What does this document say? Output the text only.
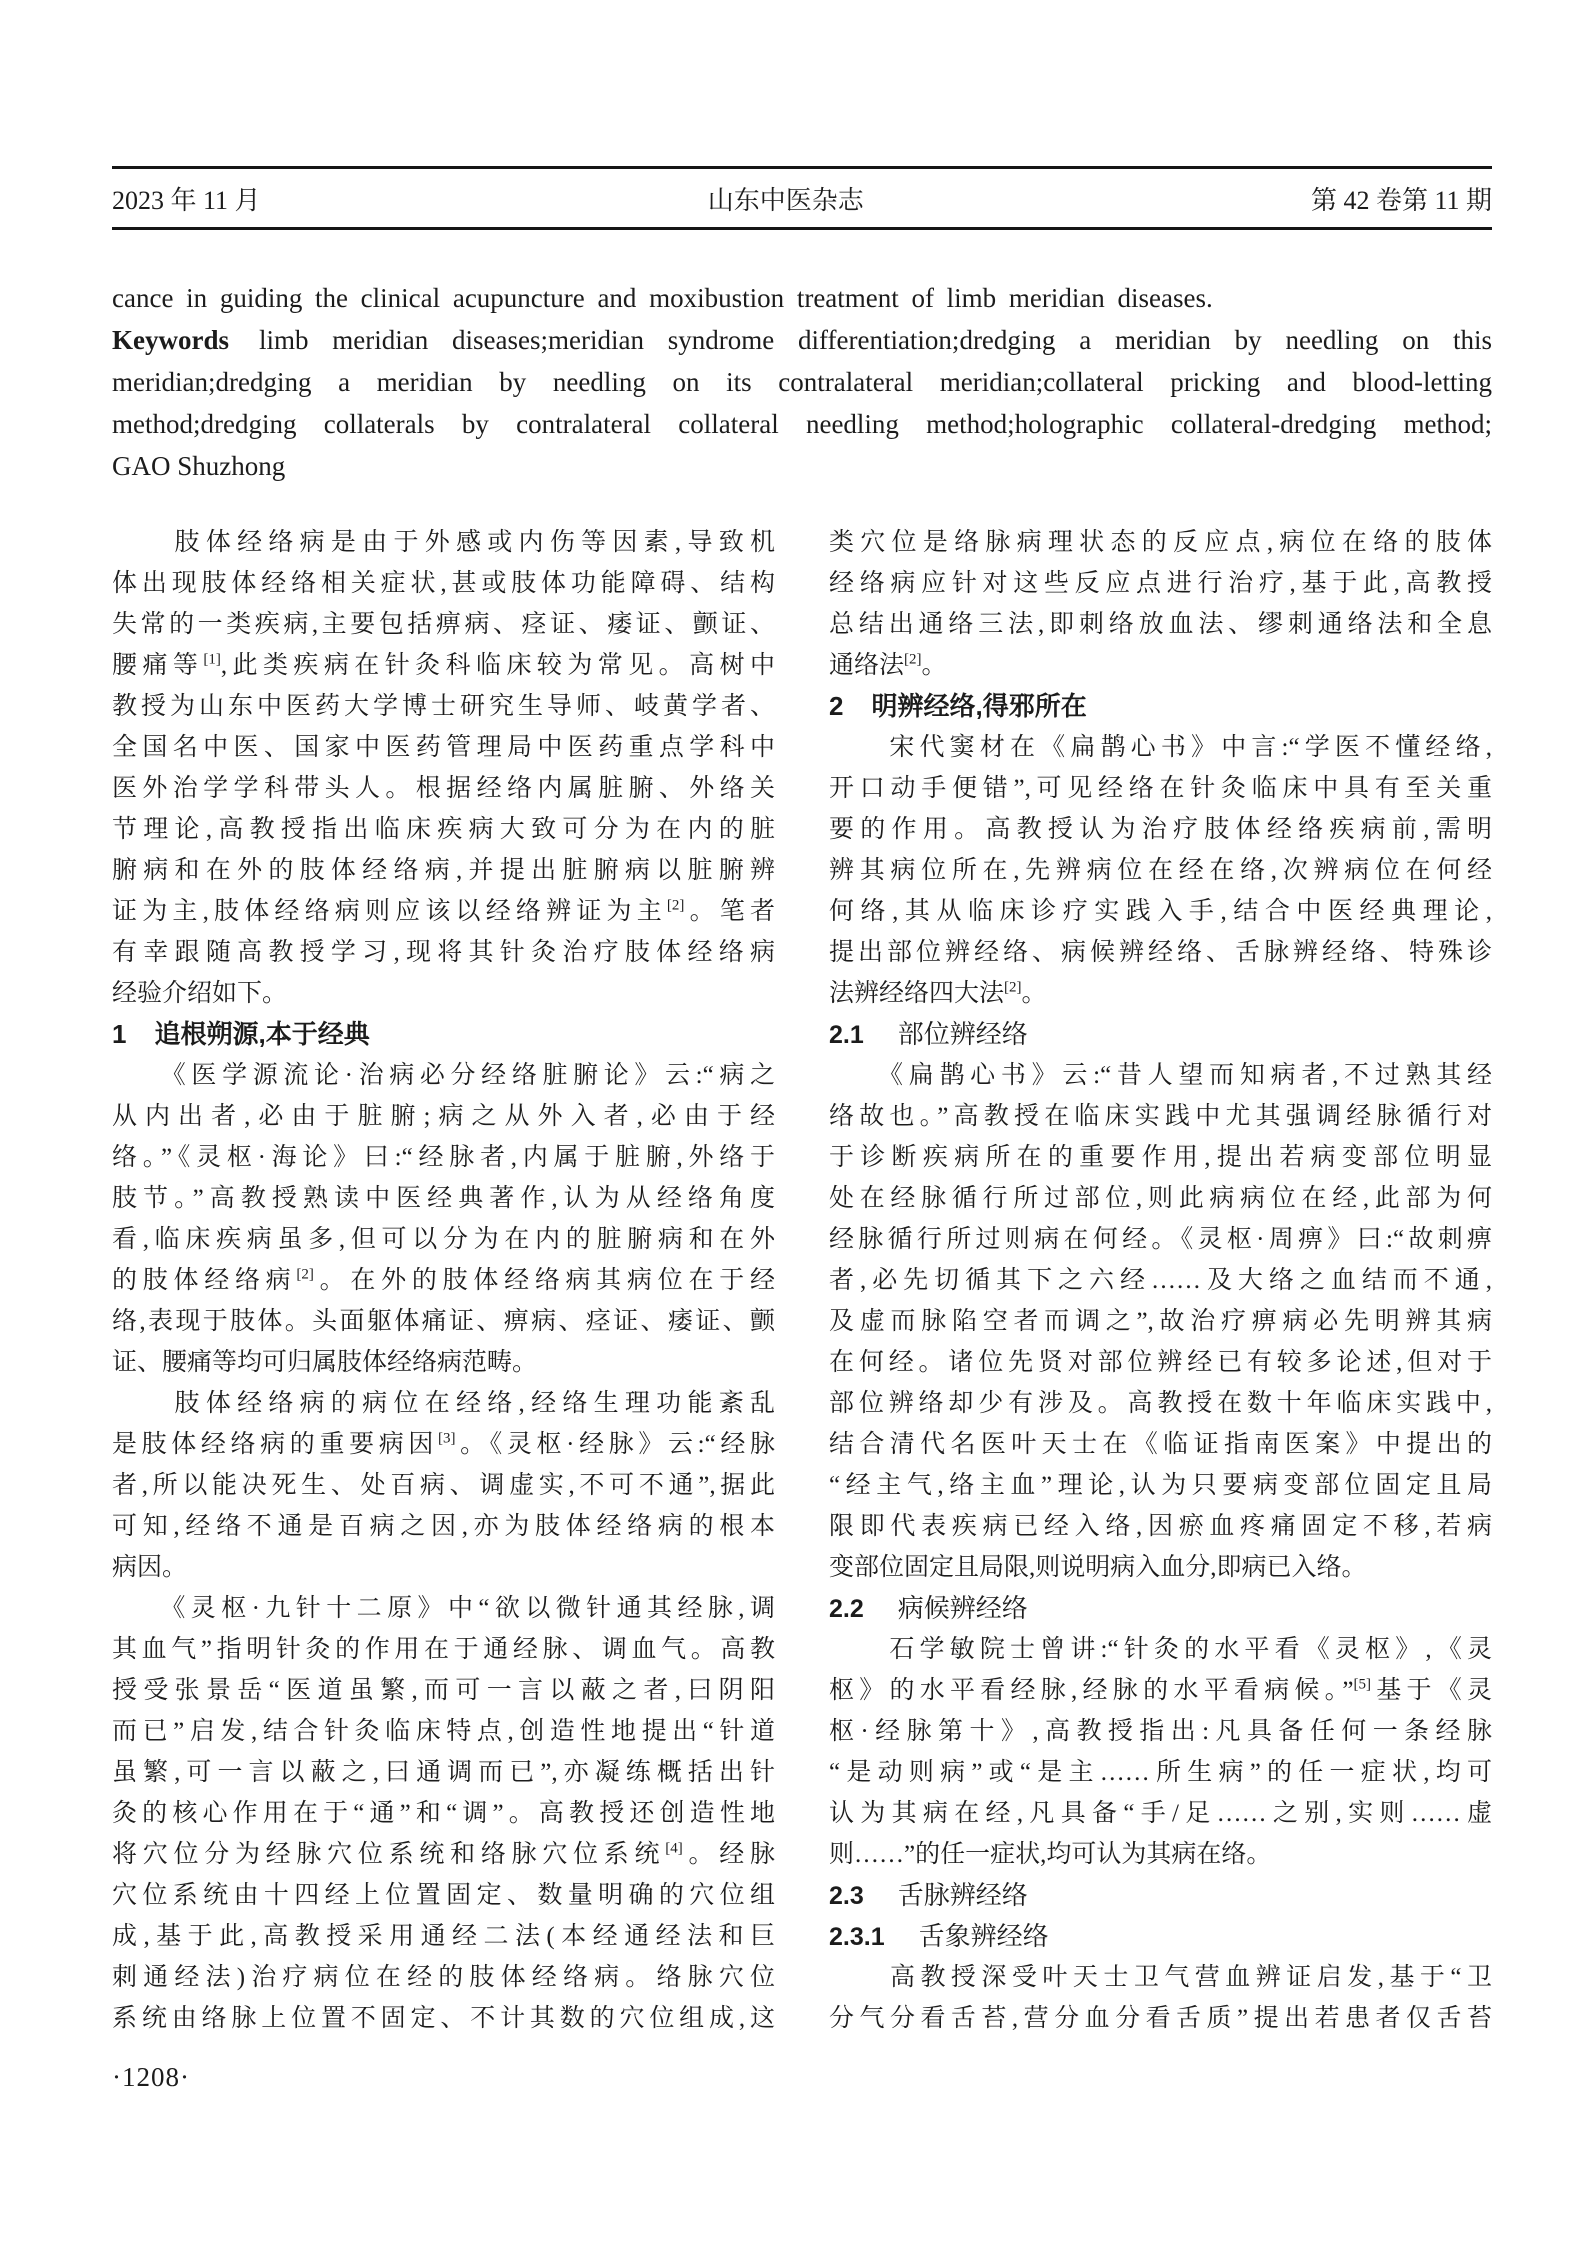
2023 年 11 月	山东中医杂志	第 42 卷第 11 期
cance in guiding the clinical acupuncture and moxibustion treatment of limb meridian diseases.
Keywords limb meridian diseases;meridian syndrome differentiation;dredging a meridian by needling on this
meridian;dredging a meridian by needling on its contralateral meridian;collateral pricking and blood-letting
method;dredging collaterals by contralateral collateral needling method;holographic collateral-dredging method;
GAO Shuzhong
　　肢体经络病是由于外感或内伤等因素,导致机
体出现肢体经络相关症状,甚或肢体功能障碍、结构
失常的一类疾病,主要包括痹病、痉证、痿证、颤证、
腰痛等[1],此类疾病在针灸科临床较为常见。高树中
教授为山东中医药大学博士研究生导师、岐黄学者、
全国名中医、国家中医药管理局中医药重点学科中
医外治学学科带头人。根据经络内属脏腑、外络关
节理论,高教授指出临床疾病大致可分为在内的脏
腑病和在外的肢体经络病,并提出脏腑病以脏腑辨
证为主,肢体经络病则应该以经络辨证为主[2]。笔者
有幸跟随高教授学习,现将其针灸治疗肢体经络病
经验介绍如下。
1 追根朔源,本于经典
　　《医学源流论·治病必分经络脏腑论》云:“病之
从内出者,必由于脏腑;病之从外入者,必由于经
络。”《灵枢·海论》曰:“经脉者,内属于脏腑,外络于
肢节。”高教授熟读中医经典著作,认为从经络角度
看,临床疾病虽多,但可以分为在内的脏腑病和在外
的肢体经络病[2]。在外的肢体经络病其病位在于经
络,表现于肢体。头面躯体痛证、痹病、痉证、痿证、颤
证、腰痛等均可归属肢体经络病范畴。
　　肢体经络病的病位在经络,经络生理功能紊乱
是肢体经络病的重要病因[3]。《灵枢·经脉》云:“经脉
者,所以能决死生、处百病、调虚实,不可不通”,据此
可知,经络不通是百病之因,亦为肢体经络病的根本
病因。
　　《灵枢·九针十二原》中“欲以微针通其经脉,调
其血气”指明针灸的作用在于通经脉、调血气。高教
授受张景岳“医道虽繁,而可一言以蔽之者,曰阴阳
而已”启发,结合针灸临床特点,创造性地提出“针道
虽繁,可一言以蔽之,曰通调而已”,亦凝练概括出针
灸的核心作用在于“通”和“调”。高教授还创造性地
将穴位分为经脉穴位系统和络脉穴位系统[4]。经脉
穴位系统由十四经上位置固定、数量明确的穴位组
成,基于此,高教授采用通经二法(本经通经法和巨
刺通经法)治疗病位在经的肢体经络病。络脉穴位
系统由络脉上位置不固定、不计其数的穴位组成,这
类穴位是络脉病理状态的反应点,病位在络的肢体
经络病应针对这些反应点进行治疗,基于此,高教授
总结出通络三法,即刺络放血法、缪刺通络法和全息
通络法[2]。
2 明辨经络,得邪所在
　　宋代窦材在《扁鹊心书》中言:“学医不懂经络,
开口动手便错”,可见经络在针灸临床中具有至关重
要的作用。高教授认为治疗肢体经络疾病前,需明
辨其病位所在,先辨病位在经在络,次辨病位在何经
何络,其从临床诊疗实践入手,结合中医经典理论,
提出部位辨经络、病候辨经络、舌脉辨经络、特殊诊
法辨经络四大法[2]。
2.1 部位辨经络
　　《扁鹊心书》云:“昔人望而知病者,不过熟其经
络故也。”高教授在临床实践中尤其强调经脉循行对
于诊断疾病所在的重要作用,提出若病变部位明显
处在经脉循行所过部位,则此病病位在经,此部为何
经脉循行所过则病在何经。《灵枢·周痹》曰:“故刺痹
者,必先切循其下之六经……及大络之血结而不通,
及虚而脉陷空者而调之”,故治疗痹病必先明辨其病
在何经。诸位先贤对部位辨经已有较多论述,但对于
部位辨络却少有涉及。高教授在数十年临床实践中,
结合清代名医叶天士在《临证指南医案》中提出的
“经主气,络主血”理论,认为只要病变部位固定且局
限即代表疾病已经入络,因瘀血疼痛固定不移,若病
变部位固定且局限,则说明病入血分,即病已入络。
2.2 病候辨经络
　　石学敏院士曾讲:“针灸的水平看《灵枢》,《灵
枢》的水平看经脉,经脉的水平看病候。”[5]基于《灵
枢·经脉第十》,高教授指出:凡具备任何一条经脉
“是动则病”或“是主……所生病”的任一症状,均可
认为其病在经,凡具备“手/足……之别,实则……虚
则……”的任一症状,均可认为其病在络。
2.3 舌脉辨经络
2.3.1 舌象辨经络
　　高教授深受叶天士卫气营血辨证启发,基于“卫
分气分看舌苔,营分血分看舌质”提出若患者仅舌苔
·1208·
